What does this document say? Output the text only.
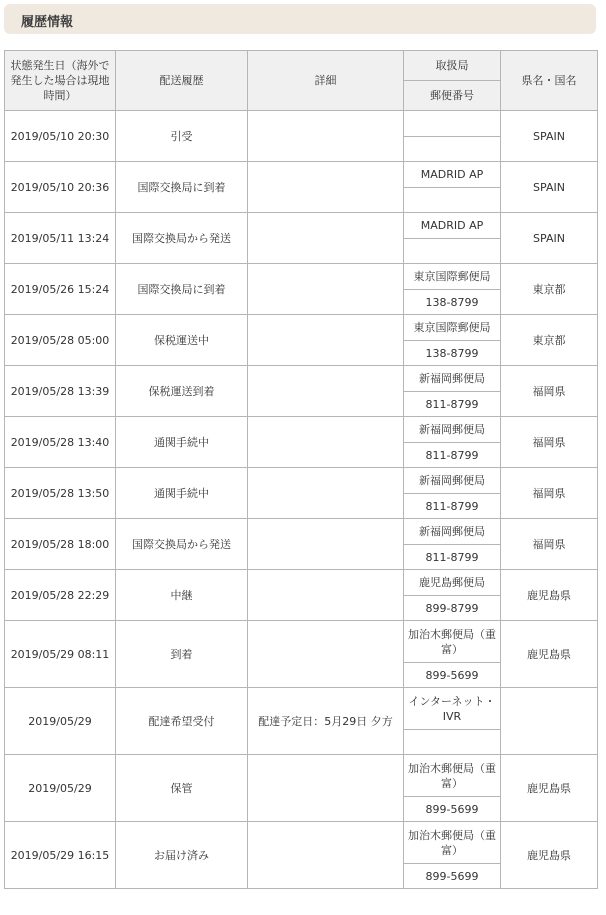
履歴情報
状態発生日（海外で発生した場合は現地時間）	配送履歴	詳細	取扱局	県名・国名
			郵便番号	
2019/05/10 20:30	引受			SPAIN

2019/05/10 20:36	国際交換局に到着		MADRID AP	SPAIN

2019/05/11 13:24	国際交換局から発送		MADRID AP	SPAIN

2019/05/26 15:24	国際交換局に到着		東京国際郵便局	東京都
			138-8799	
2019/05/28 05:00	保税運送中		東京国際郵便局	東京都
			138-8799	
2019/05/28 13:39	保税運送到着		新福岡郵便局	福岡県
			811-8799	
2019/05/28 13:40	通関手続中		新福岡郵便局	福岡県
			811-8799	
2019/05/28 13:50	通関手続中		新福岡郵便局	福岡県
			811-8799	
2019/05/28 18:00	国際交換局から発送		新福岡郵便局	福岡県
			811-8799	
2019/05/28 22:29	中継		鹿児島郵便局	鹿児島県
			899-8799	
2019/05/29 08:11	到着		加治木郵便局（重富）	鹿児島県
			899-5699	
2019/05/29	配達希望受付	配達予定日：5月29日 夕方	インターネット・IVR	

2019/05/29	保管		加治木郵便局（重富）	鹿児島県
			899-5699	
2019/05/29 16:15	お届け済み		加治木郵便局（重富）	鹿児島県
			899-5699	
